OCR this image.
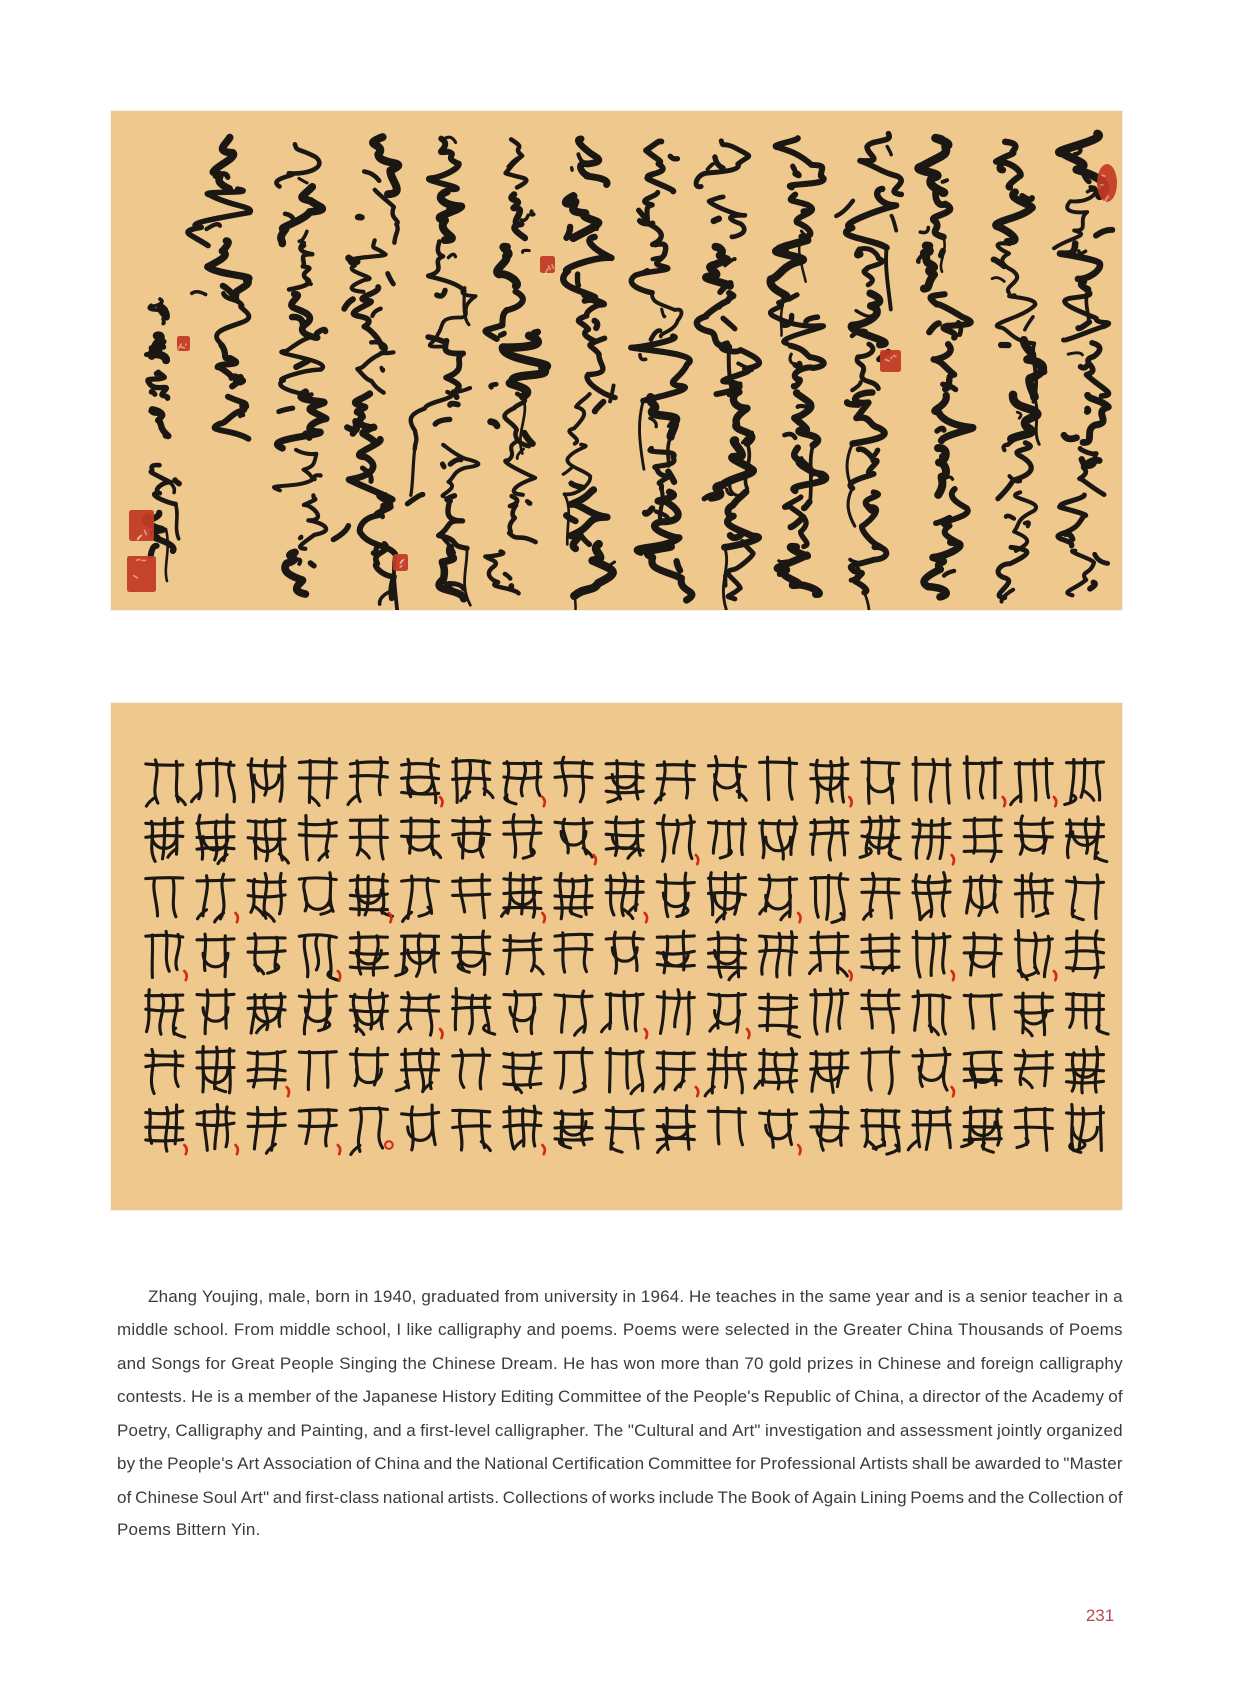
Zhang Youjing, male, born in 1940, graduated from university in 1964. He teaches in the same year and is a senior teacher in a
middle school. From middle school, I like calligraphy and poems. Poems were selected in the Greater China Thousands of Poems
and Songs for Great People Singing the Chinese Dream. He has won more than 70 gold prizes in Chinese and foreign calligraphy
contests. He is a member of the Japanese History Editing Committee of the People's Republic of China, a director of the Academy of
Poetry, Calligraphy and Painting, and a first-level calligrapher. The "Cultural and Art" investigation and assessment jointly organized
by the People's Art Association of China and the National Certification Committee for Professional Artists shall be awarded to "Master
of Chinese Soul Art" and first-class national artists. Collections of works include The Book of Again Lining Poems and the Collection of
Poems Bittern Yin.
231
